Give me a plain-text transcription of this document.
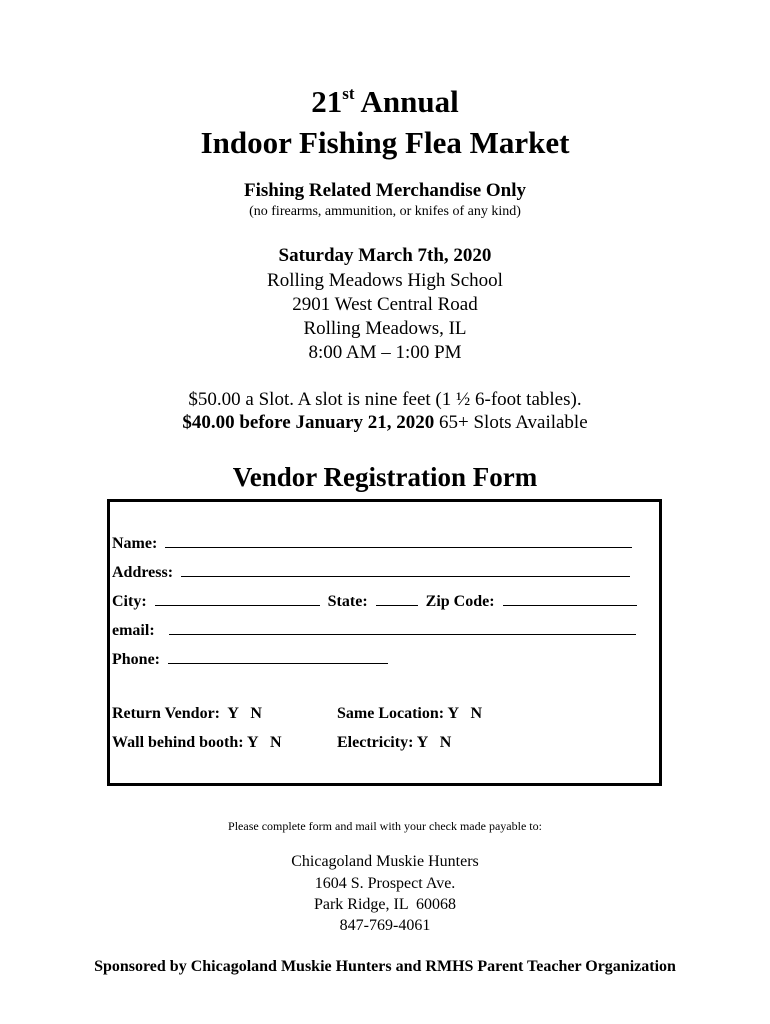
21st Annual
Indoor Fishing Flea Market
Fishing Related Merchandise Only
(no firearms, ammunition, or knifes of any kind)
Saturday March 7th, 2020
Rolling Meadows High School
2901 West Central Road
Rolling Meadows, IL
8:00 AM – 1:00 PM
$50.00 a Slot. A slot is nine feet (1 ½ 6-foot tables).
$40.00 before January 21, 2020 65+ Slots Available
Vendor Registration Form
Name:
Address:
City:	State:	Zip Code:
email:
Phone:
Return Vendor:  Y   N	Same Location: Y   N
Wall behind booth: Y   N	Electricity: Y   N
Please complete form and mail with your check made payable to:
Chicagoland Muskie Hunters
1604 S. Prospect Ave.
Park Ridge, IL  60068
847-769-4061
Sponsored by Chicagoland Muskie Hunters and RMHS Parent Teacher Organization
